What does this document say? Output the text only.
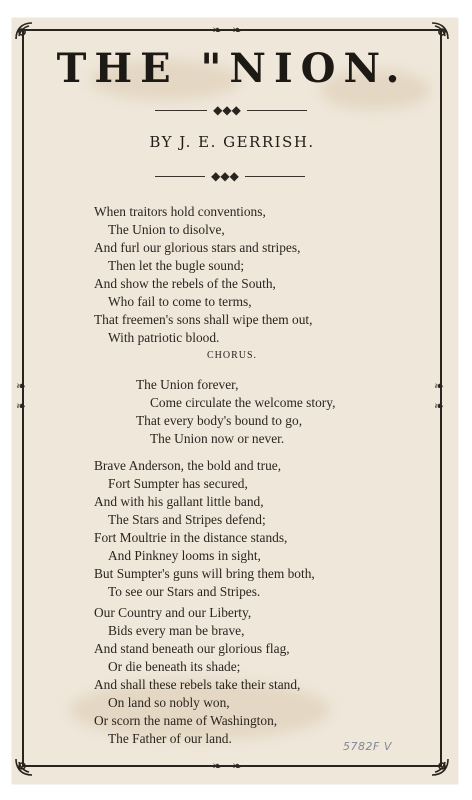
❧ ❧
❧ ❧
❧
❧
❧
❧
THE "NION.
◆◆◆
BY J. E. GERRISH.
◆◆◆
When traitors hold conventions,
The Union to disolve,
And furl our glorious stars and stripes,
Then let the bugle sound;
And show the rebels of the South,
Who fail to come to terms,
That freemen's sons shall wipe them out,
With patriotic blood.
CHORUS.
The Union forever,
Come circulate the welcome story,
That every body's bound to go,
The Union now or never.
Brave Anderson, the bold and true,
Fort Sumpter has secured,
And with his gallant little band,
The Stars and Stripes defend;
Fort Moultrie in the distance stands,
And Pinkney looms in sight,
But Sumpter's guns will bring them both,
To see our Stars and Stripes.
Our Country and our Liberty,
Bids every man be brave,
And stand beneath our glorious flag,
Or die beneath its shade;
And shall these rebels take their stand,
On land so nobly won,
Or scorn the name of Washington,
The Father of our land.
5782F V
